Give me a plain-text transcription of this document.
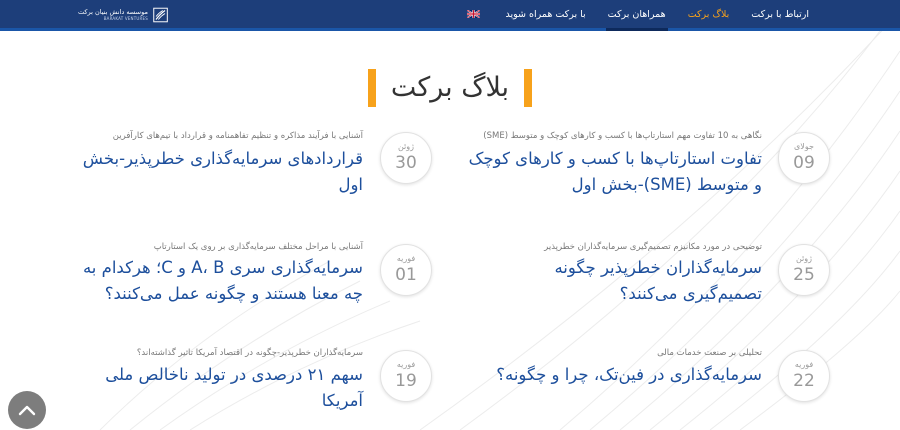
موسسه دانش بنیان برکت
BARAKAT VENTURES	ارتباط با برکت
بلاگ برکت
همراهان برکت
با برکت همراه شوید
بلاگ برکت
جولای
09
نگاهی به 10 تفاوت مهم استارتاپ‌ها با کسب و کارهای کوچک و متوسط (SME)
تفاوت استارتاپ‌ها با کسب و کارهای کوچک و متوسط (SME)-بخش اول
ژوئن
30
آشنایی با فرآیند مذاکره و تنظیم تفاهمنامه و قرارداد با تیم‌های کارآفرین
قراردادهای سرمایه‌گذاری خطرپذیر-بخش اول
ژوئن
25
توضیحی در مورد مکانیزم تصمیم‌گیری سرمایه‌گذاران خطرپذیر
سرمایه‌گذاران خطرپذیر چگونه تصمیم‌گیری می‌کنند؟
فوریه
01
آشنایی با مراحل مختلف سرمایه‌گذاری بر روی یک استارتاپ
سرمایه‌گذاری سری A، B و C؛ هرکدام به چه معنا هستند و چگونه عمل می‌کنند؟
فوریه
22
تحلیلی بر صنعت خدمات مالی
سرمایه‌گذاری در فین‌تک، چرا و چگونه؟
فوریه
19
سرمایه‌گذاران خطرپذیر-چگونه در اقتصاد آمریکا تاثیر گذاشته‌اند؟
سهم ۲۱ درصدی در تولید ناخالص ملی آمریکا
